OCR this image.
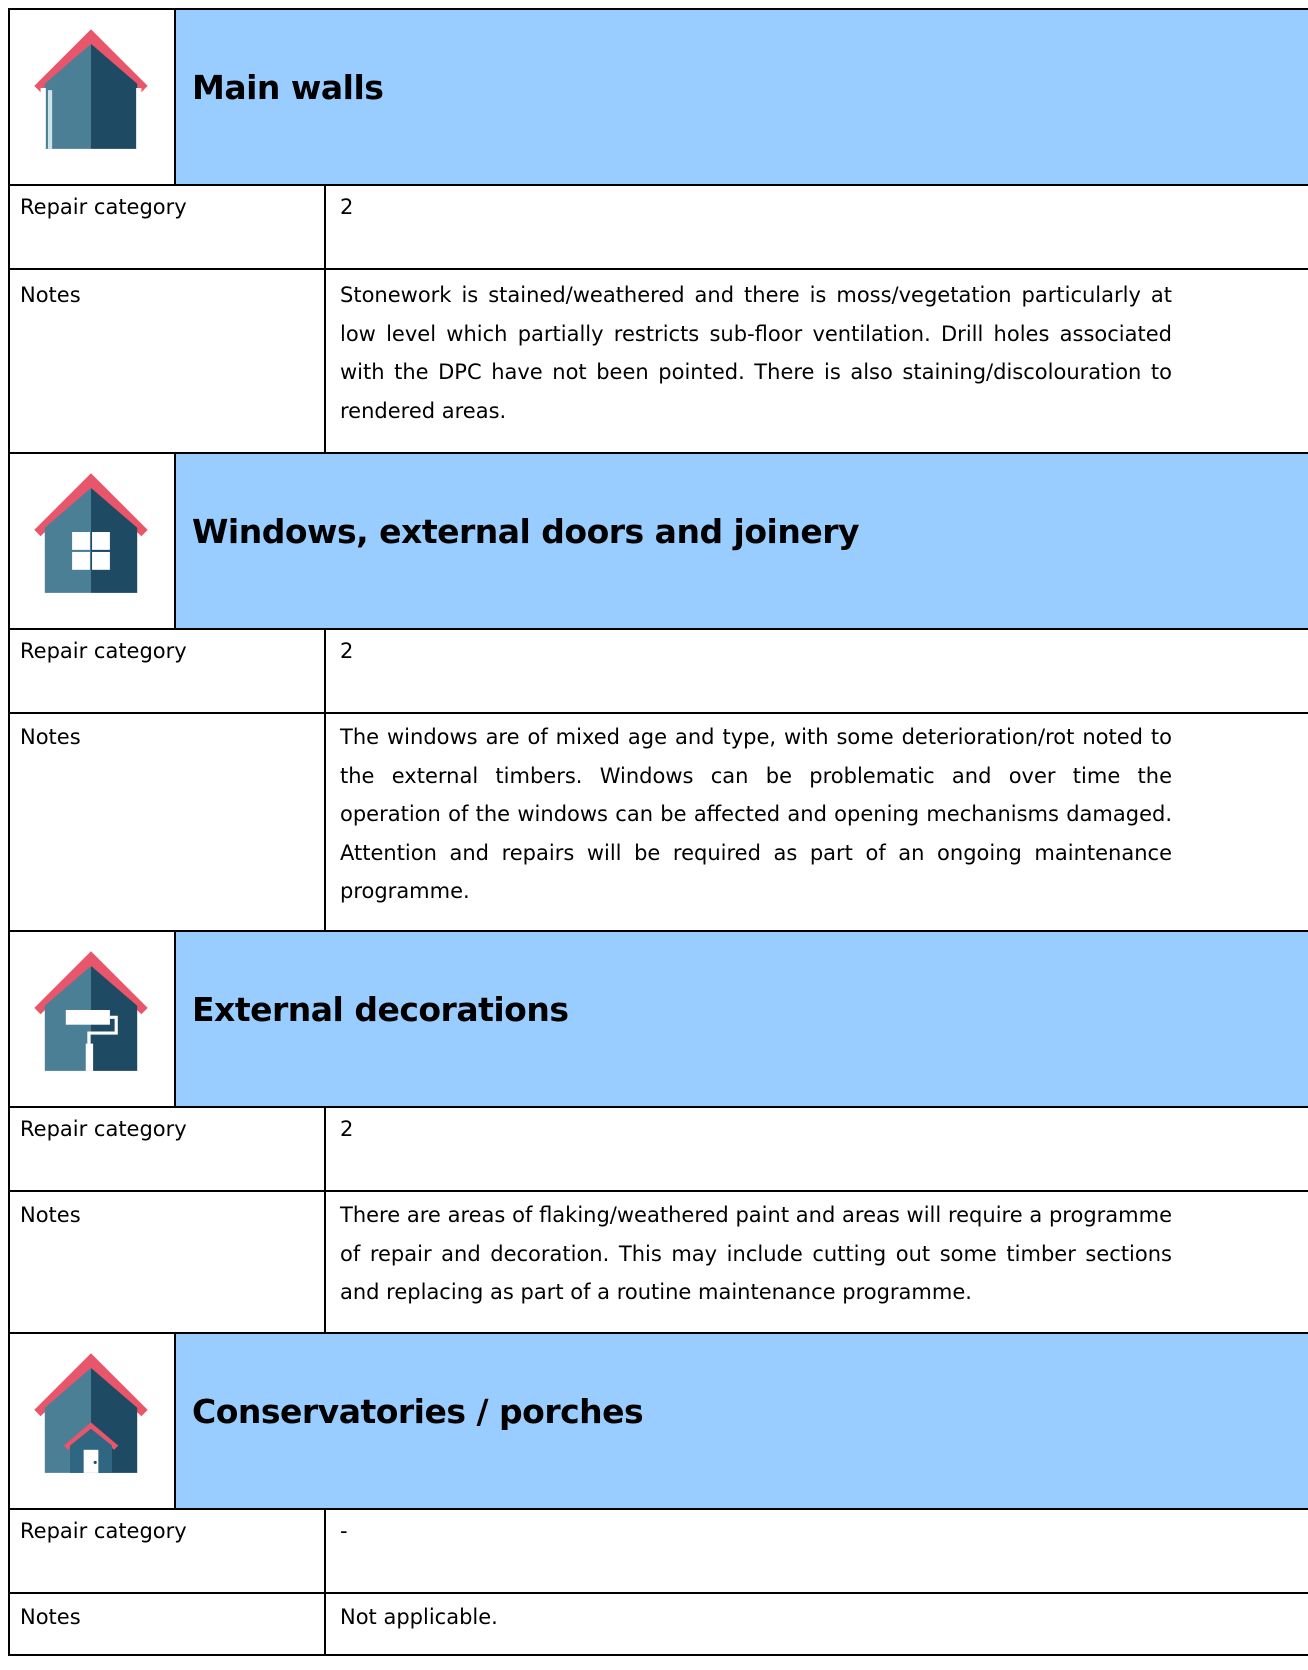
Main walls
Repair category	2
Notes	Stonework is stained/weathered and there is moss/vegetation particularly at low level which partially restricts sub-floor ventilation. Drill holes associated with the DPC have not been pointed. There is also staining/discolouration to rendered areas.
Windows, external doors and joinery
Repair category	2
Notes	The windows are of mixed age and type, with some deterioration/rot noted to the external timbers. Windows can be problematic and over time the operation of the windows can be affected and opening mechanisms damaged. Attention and repairs will be required as part of an ongoing maintenance programme.
External decorations
Repair category	2
Notes	There are areas of flaking/weathered paint and areas will require a programme of repair and decoration. This may include cutting out some timber sections and replacing as part of a routine maintenance programme.
Conservatories / porches
Repair category	-
Notes	Not applicable.
